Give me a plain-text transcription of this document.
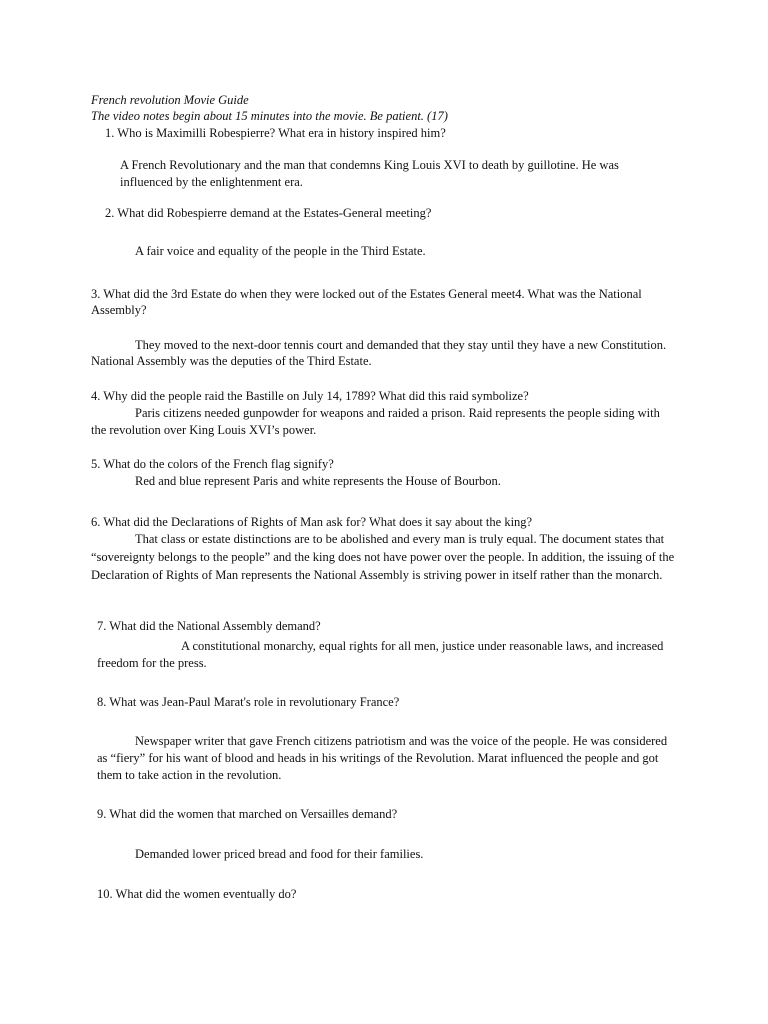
French revolution Movie Guide

The video notes begin about 15 minutes into the movie. Be patient. (17)

1. Who is Maximilli Robespierre? What era in history inspired him?

A French Revolutionary and the man that condemns King Louis XVI to death by guillotine. He was

influenced by the enlightenment era.

2. What did Robespierre demand at the Estates-General meeting?

A fair voice and equality of the people in the Third Estate.

3. What did the 3rd Estate do when they were locked out of the Estates General meet4. What was the National

Assembly?

They moved to the next-door tennis court and demanded that they stay until they have a new Constitution.

National Assembly was the deputies of the Third Estate.

4. Why did the people raid the Bastille on July 14, 1789? What did this raid symbolize?

Paris citizens needed gunpowder for weapons and raided a prison. Raid represents the people siding with

the revolution over King Louis XVI’s power.

5. What do the colors of the French flag signify?

Red and blue represent Paris and white represents the House of Bourbon.

6. What did the Declarations of Rights of Man ask for? What does it say about the king?

That class or estate distinctions are to be abolished and every man is truly equal. The document states that

“sovereignty belongs to the people” and the king does not have power over the people. In addition, the issuing of the

Declaration of Rights of Man represents the National Assembly is striving power in itself rather than the monarch.

7. What did the National Assembly demand?

A constitutional monarchy, equal rights for all men, justice under reasonable laws, and increased

freedom for the press.

8. What was Jean-Paul Marat's role in revolutionary France?

Newspaper writer that gave French citizens patriotism and was the voice of the people. He was considered

as “fiery” for his want of blood and heads in his writings of the Revolution. Marat influenced the people and got

them to take action in the revolution.

9. What did the women that marched on Versailles demand?

Demanded lower priced bread and food for their families.

10. What did the women eventually do?
